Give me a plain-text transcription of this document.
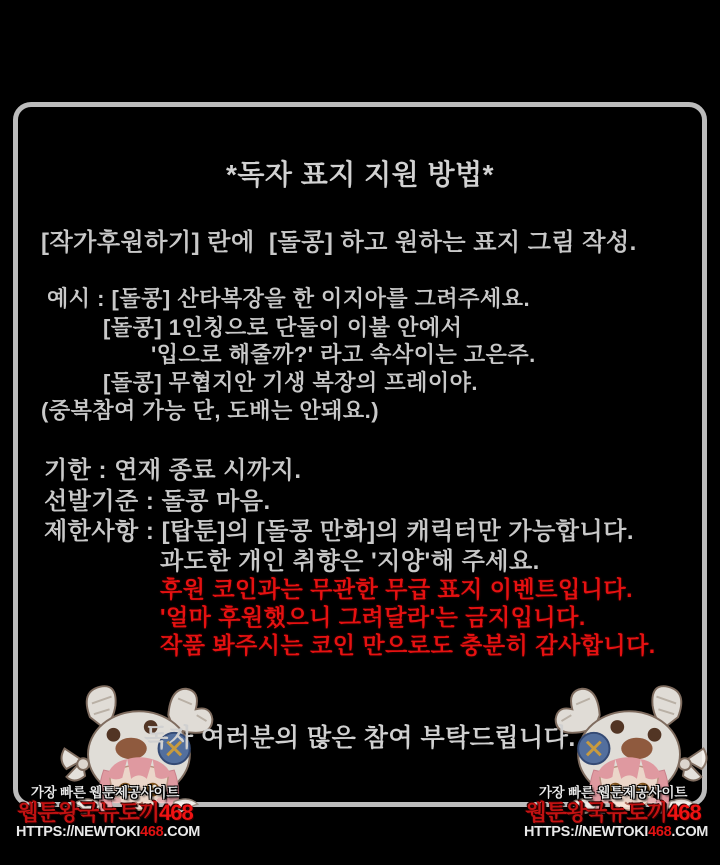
*독자 표지 지원 방법*
[작가후원하기] 란에  [돌콩] 하고 원하는 표지 그림 작성.
예시 : [돌콩] 산타복장을 한 이지아를 그려주세요.
[돌콩] 1인칭으로 단둘이 이불 안에서
'입으로 해줄까?' 라고 속삭이는 고은주.
[돌콩] 무협지안 기생 복장의 프레이야.
(중복참여 가능 단, 도배는 안돼요.)
기한 : 연재 종료 시까지.
선발기준 : 돌콩 마음.
제한사항 : [탑툰]의 [돌콩 만화]의 캐릭터만 가능합니다.
과도한 개인 취향은 '지양'해 주세요.
후원 코인과는 무관한 무급 표지 이벤트입니다.
'얼마 후원했으니 그려달라'는 금지입니다.
작품 봐주시는 코인 만으로도 충분히 감사합니다.
독자 여러분의 많은 참여 부탁드립니다.
가장 빠른 웹툰제공사이트
웹툰왕국뉴토끼468
HTTPS://NEWTOKI468.COM
가장 빠른 웹툰제공사이트
웹툰왕국뉴토끼468
HTTPS://NEWTOKI468.COM
